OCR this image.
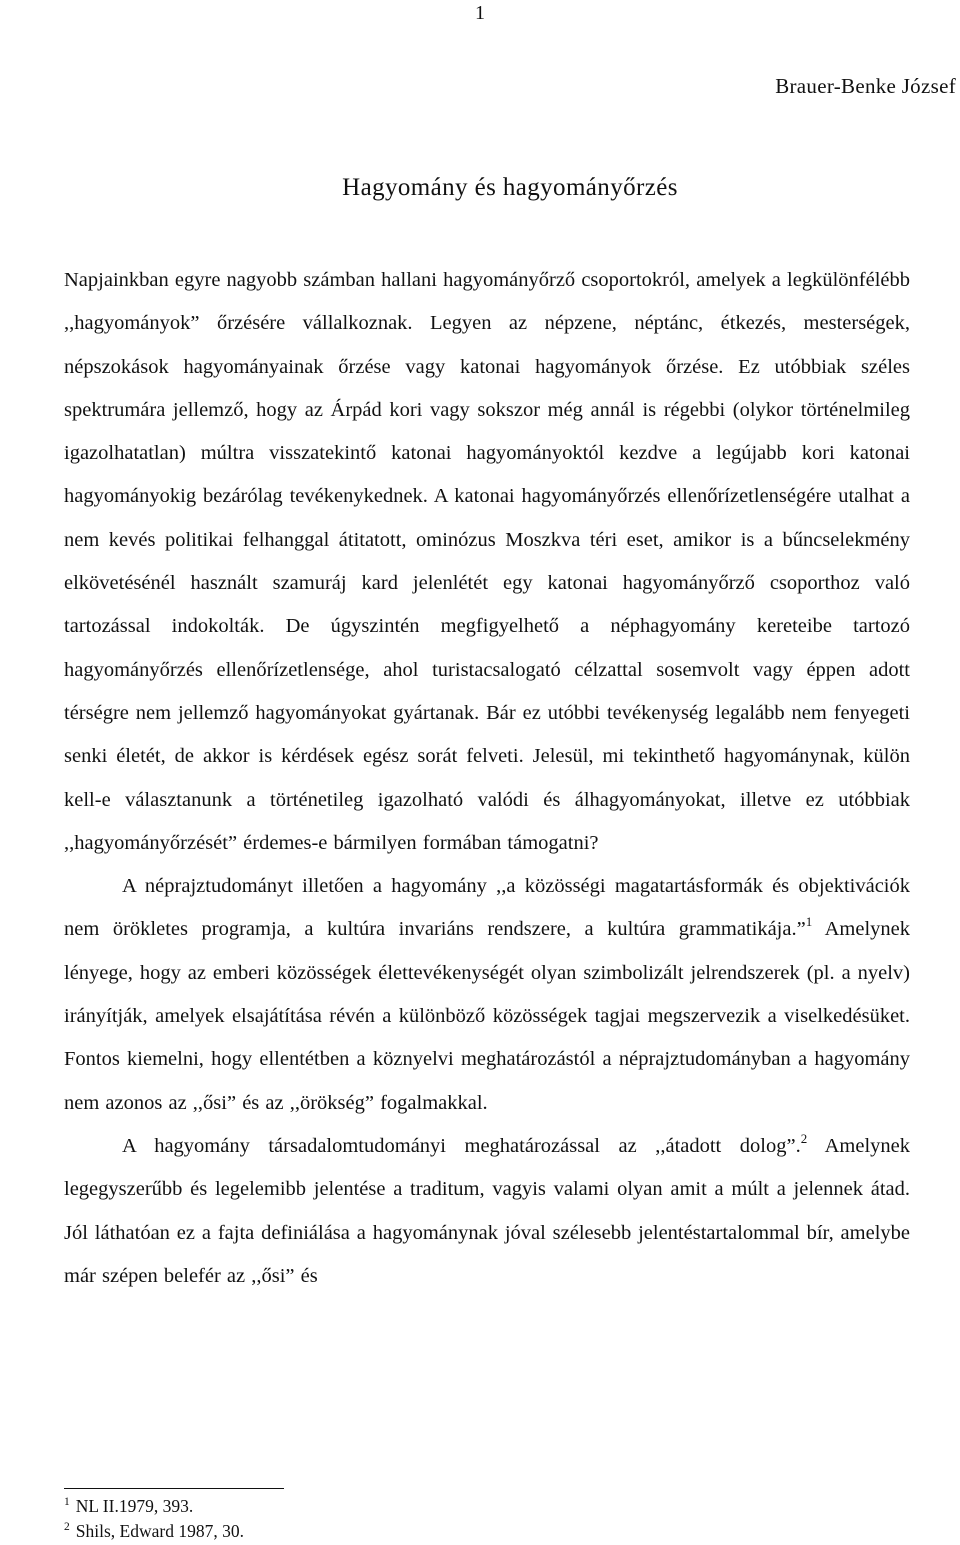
1
Brauer-Benke József
Hagyomány és hagyományőrzés

Napjainkban egyre nagyobb számban hallani hagyományőrző csoportokról, amelyek a legkülönfélébb ,,hagyományok” őrzésére vállalkoznak. Legyen az népzene, néptánc, étkezés, mesterségek, népszokások hagyományainak őrzése vagy katonai hagyományok őrzése. Ez utóbbiak széles spektrumára jellemző, hogy az Árpád kori vagy sokszor még annál is régebbi (olykor történelmileg igazolhatatlan) múltra visszatekintő katonai hagyományoktól kezdve a legújabb kori katonai hagyományokig bezárólag tevékenykednek. A katonai hagyományőrzés ellenőrízetlenségére utalhat a nem kevés politikai felhanggal átitatott, ominózus Moszkva téri eset, amikor is a bűncselekmény elkövetésénél használt szamuráj kard jelenlétét egy katonai hagyományőrző csoporthoz való tartozással indokolták. De úgyszintén megfigyelhető a néphagyomány kereteibe tartozó hagyományőrzés ellenőrízetlensége, ahol turistacsalogató célzattal sosemvolt vagy éppen adott térségre nem jellemző hagyományokat gyártanak. Bár ez utóbbi tevékenység legalább nem fenyegeti senki életét, de akkor is kérdések egész sorát felveti. Jelesül, mi tekinthető hagyománynak, külön kell-e választanunk a történetileg igazolható valódi és álhagyományokat, illetve ez utóbbiak ,,hagyományőrzését” érdemes-e bármilyen formában támogatni?

A néprajztudományt illetően a hagyomány ,,a közösségi magatartásformák és objektivációk nem örökletes programja, a kultúra invariáns rendszere, a kultúra grammatikája.”$^1$ Amelynek lényege, hogy az emberi közösségek élettevékenységét olyan szimbolizált jelrendszerek (pl. a nyelv) irányítják, amelyek elsajátítása révén a különböző közösségek tagjai megszervezik a viselkedésüket. Fontos kiemelni, hogy ellentétben a köznyelvi meghatározástól a néprajztudományban a hagyomány nem azonos az ,,ősi” és az ,,örökség” fogalmakkal.

A hagyomány társadalomtudományi meghatározással az ,,átadott dolog”.$^2$ Amelynek legegyszerűbb és legelemibb jelentése a traditum, vagyis valami olyan amit a múlt a jelennek átad. Jól láthatóan ez a fajta definiálása a hagyománynak jóval szélesebb jelentéstartalommal bír, amelybe már szépen belefér az ,,ősi” és

$^1$ NL II.1979, 393.
$^2$ Shils, Edward 1987, 30.
